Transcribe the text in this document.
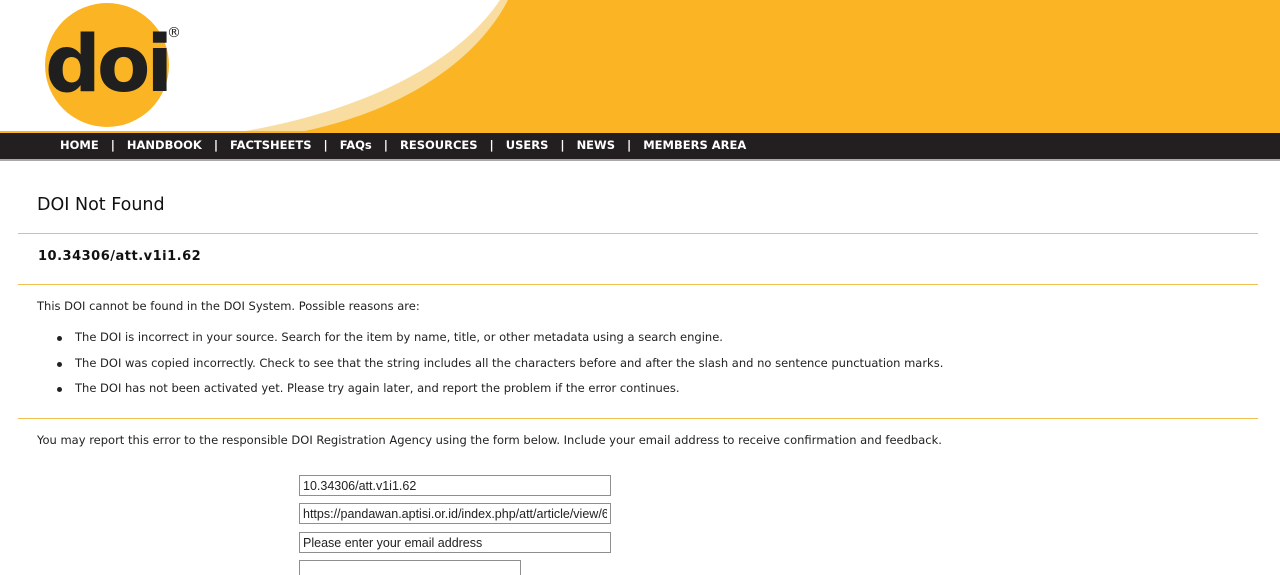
doi
®
HOME | HANDBOOK | FACTSHEETS | FAQs | RESOURCES | USERS | NEWS | MEMBERS AREA
DOI Not Found
10.34306/att.v1i1.62

This DOI cannot be found in the DOI System. Possible reasons are:

The DOI is incorrect in your source. Search for the item by name, title, or other metadata using a search engine.
The DOI was copied incorrectly. Check to see that the string includes all the characters before and after the slash and no sentence punctuation marks.
The DOI has not been activated yet. Please try again later, and report the problem if the error continues.

You may report this error to the responsible DOI Registration Agency using the form below. Include your email address to receive confirmation and feedback.

10.34306/att.v1i1.62
https://pandawan.aptisi.or.id/index.php/att/article/view/62
Please enter your email address
